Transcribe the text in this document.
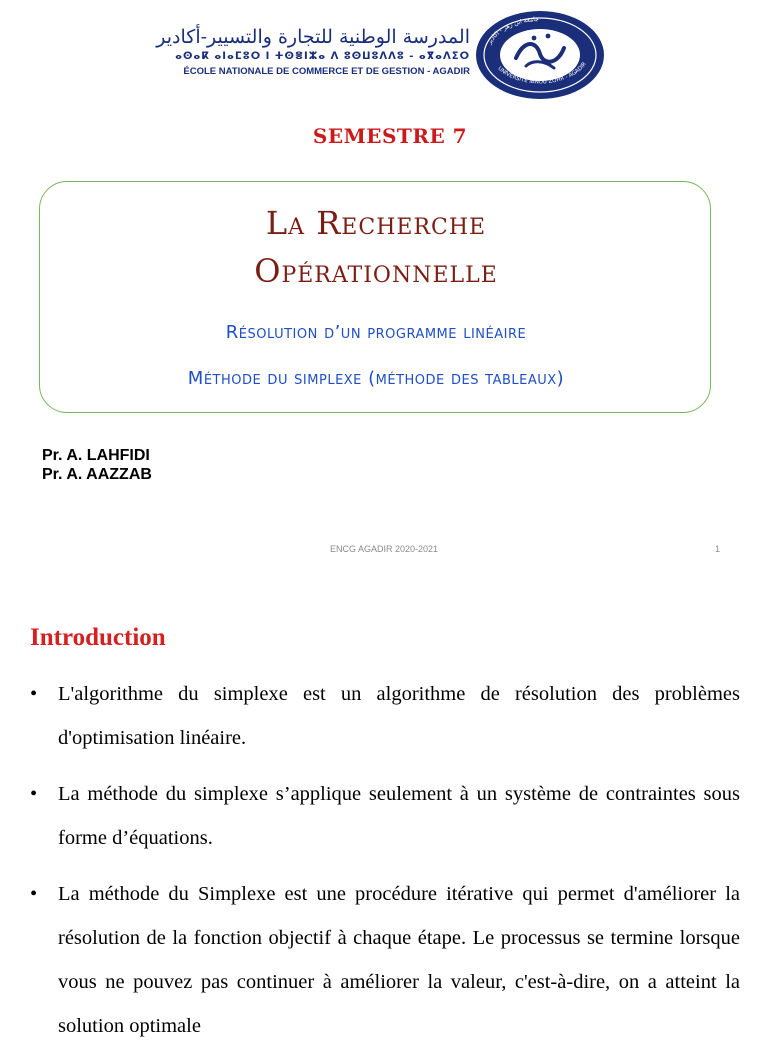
المدرسة الوطنية للتجارة والتسيير-أكادير
ⴰⵙⴰⴽ ⴰⵏⴰⵎⵓⵔ ⵏ ⵜⵙⴻⵏⵣⴰ ⴷ ⵓⵙⵡⵓⴷⴷⵓ - ⴰⴳⴰⴷⵉⵔ
ÉCOLE NATIONALE DE COMMERCE ET DE GESTION - AGADIR
جامعة ابن زهر - اكادير
UNIVERSITÉ IBNOU ZOHR - AGADIR
SEMESTRE 7
La Recherche
Opérationnelle
Résolution d’un programme linéaire
Méthode du simplexe (méthode des tableaux)
Pr. A. LAHFIDI
Pr. A. AAZZAB
ENCG AGADIR 2020-2021	1
Introduction
• L'algorithme du simplexe est un algorithme de résolution des problèmes d'optimisation linéaire.
• La méthode du simplexe s’applique seulement à un système de contraintes sous forme d’équations.
• La méthode du Simplexe est une procédure itérative qui permet d'améliorer la résolution de la fonction objectif à chaque étape. Le processus se termine lorsque vous ne pouvez pas continuer à améliorer la valeur, c'est-à-dire, on a atteint la solution optimale
